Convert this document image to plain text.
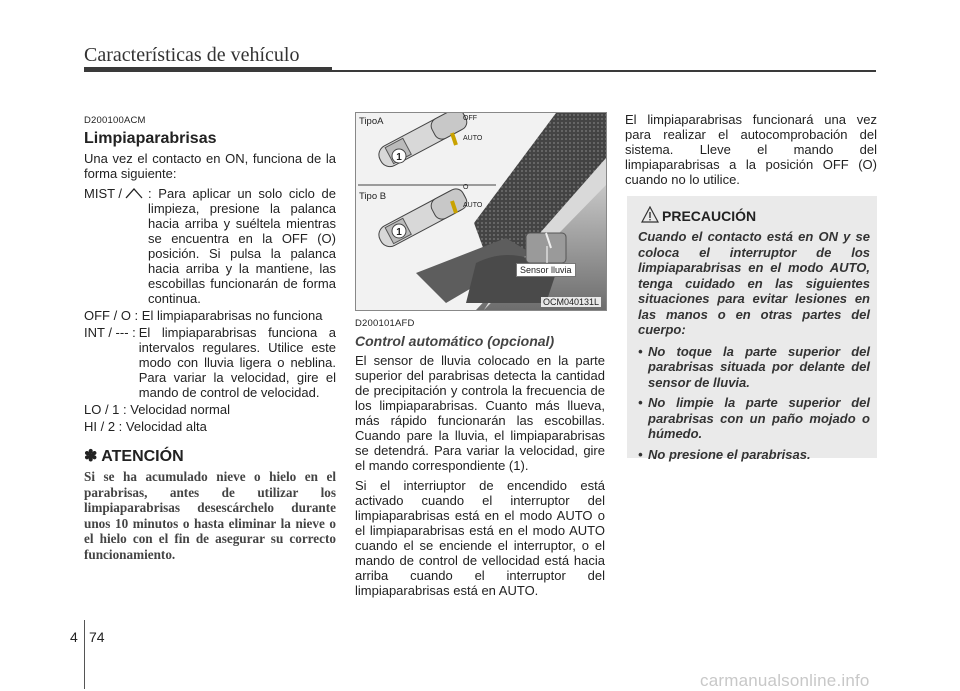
Características de vehículo
D200100ACM
Limpiaparabrisas

Una vez el contacto en ON, funciona de la forma siguiente:

MIST /	: Para aplicar un solo ciclo de limpieza, presione la palanca hacia arriba y suéltela mientras se encuentra en la OFF (O) posición. Si pulsa la palanca hacia arriba y la mantiene, las escobillas funcionarán de forma continua.
OFF / O : El limpiaparabrisas no funciona
INT / --- : El limpiaparabrisas funciona a intervalos regulares. Utilice este modo con lluvia ligera o neblina. Para variar la velocidad, gire el mando de control de velocidad.
LO / 1 : Velocidad normal
HI / 2 : Velocidad alta
✽ ATENCIÓN
Si se ha acumulado nieve o hielo en el parabrisas, antes de utilizar los limpiaparabrisas desescárchelo durante unos 10 minutos o hasta eliminar la nieve o el hielo con el fin de asegurar su correcto funcionamiento.
1
1
TipoA
Tipo B
OFF
AUTO
O
AUTO
Sensor lluvia
OCM040131L
D200101AFD
Control automático (opcional)

El sensor de lluvia colocado en la parte superior del parabrisas detecta la cantidad de precipitación y controla la frecuencia de los limpiaparabrisas. Cuanto más llueva, más rápido funcionarán las escobillas. Cuando pare la lluvia, el limpiaparabrisas se detendrá. Para variar la velocidad, gire el mando correspondiente (1).

Si el interriuptor de encendido está activado cuando el interruptor del limpiaparabrisas está en el modo AUTO o el limpiaparabrisas está en el modo AUTO cuando el se enciende el interruptor, o el mando de control de vellocidad está hacia arriba cuando el interruptor del limpiaparabrisas está en AUTO.

El limpiaparabrisas funcionará una vez para realizar el autocomprobación del sistema. Lleve el mando del limpiaparabrisas a la posición OFF (O) cuando no lo utilice.

PRECAUCIÓN

Cuando el contacto está en ON y se coloca el interruptor de los limpiaparabrisas en el modo AUTO, tenga cuidado en las siguientes situaciones para evitar lesiones en las manos o en otras partes del cuerpo:

• No toque la parte superior del parabrisas situada por delante del sensor de lluvia.
• No limpie la parte superior del parabrisas con un paño mojado o húmedo.
• No presione el parabrisas.
4 74
carmanualsonline.info
